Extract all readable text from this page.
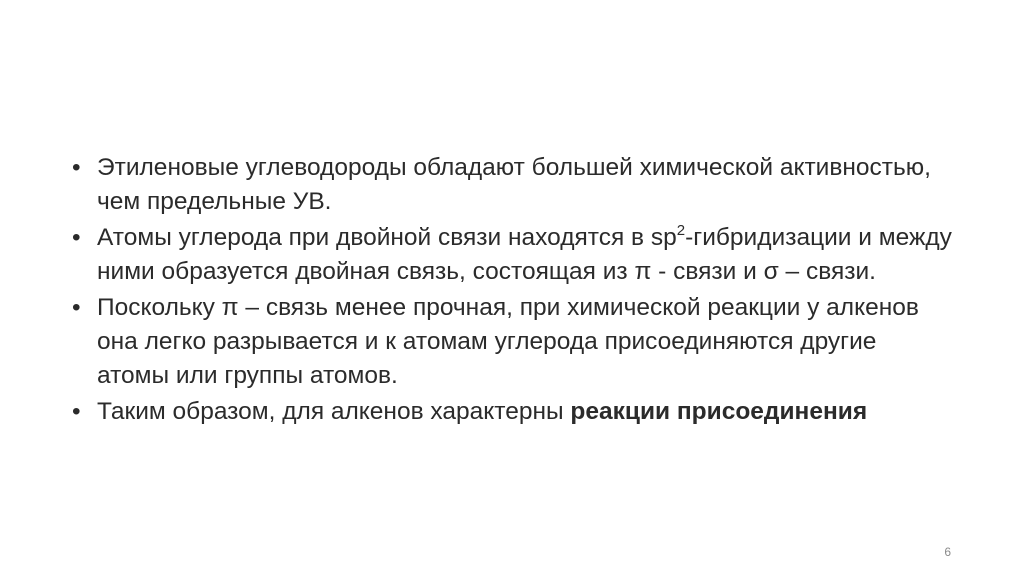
• Этиленовые углеводороды обладают большей химической активностью, чем предельные УВ.
• Атомы углерода при двойной связи находятся в $sp^2$-гибридизации и между ними образуется двойная связь, состоящая из π - связи и σ – связи.
• Поскольку π – связь менее прочная, при химической реакции у алкенов она легко разрывается и к атомам углерода присоединяются другие атомы или группы атомов.
• Таким образом, для алкенов характерны реакции присоединения
6
